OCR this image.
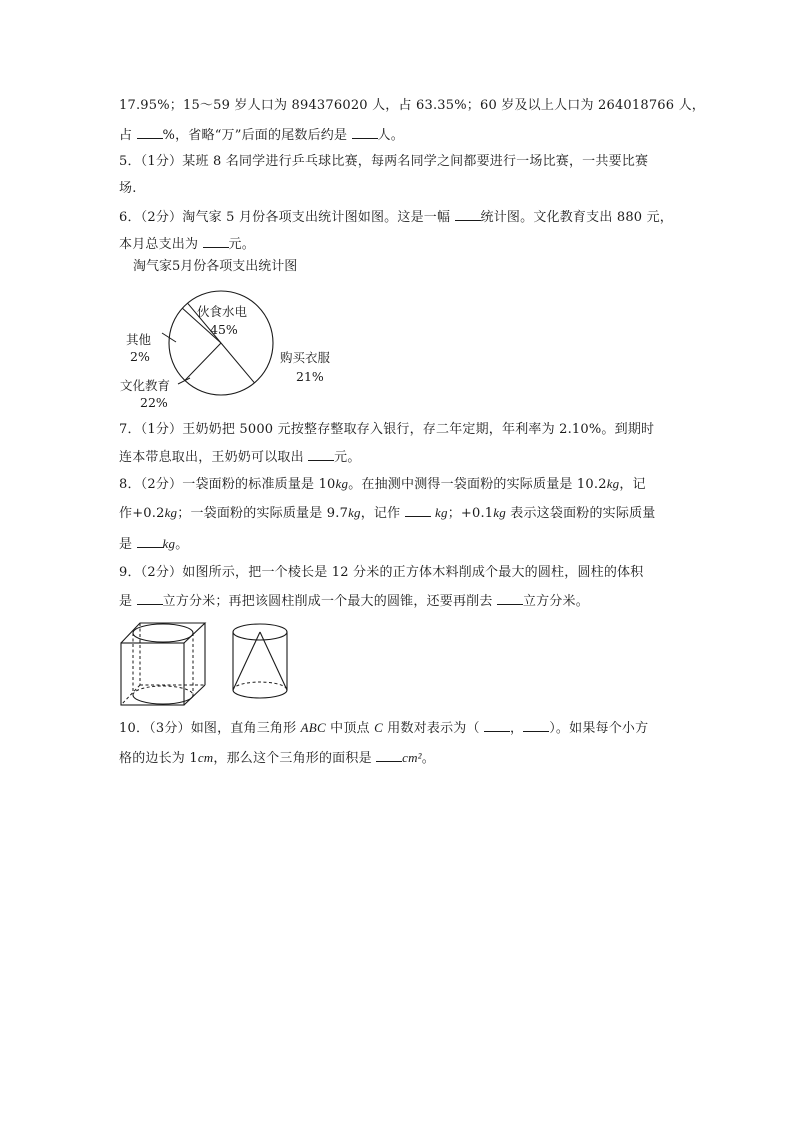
17.95%；15～59 岁人口为 894376020 人，占 63.35%；60 岁及以上人口为 264018766 人，
占 %，省略“万”后面的尾数后约是 人。
5．（1分）某班 8 名同学进行乒乓球比赛，每两名同学之间都要进行一场比赛，一共要比赛
场.
6．（2分）淘气家 5 月份各项支出统计图如图。这是一幅 统计图。文化教育支出 880 元，
本月总支出为 元。
淘气家5月份各项支出统计图
伙食水电
45%
购买衣服
21%
文化教育
22%
其他
2%
7．（1分）王奶奶把 5000 元按整存整取存入银行，存二年定期，年利率为 2.10%。到期时
连本带息取出，王奶奶可以取出 元。
8．（2分）一袋面粉的标准质量是 10kg。在抽测中测得一袋面粉的实际质量是 10.2kg，记
作+0.2kg；一袋面粉的实际质量是 9.7kg，记作  kg；+0.1kg 表示这袋面粉的实际质量
是 kg。
9．（2分）如图所示，把一个棱长是 12 分米的正方体木料削成个最大的圆柱，圆柱的体积
是 立方分米；再把该圆柱削成一个最大的圆锥，还要再削去 立方分米。
10．（3分）如图，直角三角形 ABC 中顶点 C 用数对表示为（ ， ）。如果每个小方
格的边长为 1cm，那么这个三角形的面积是 cm²。
